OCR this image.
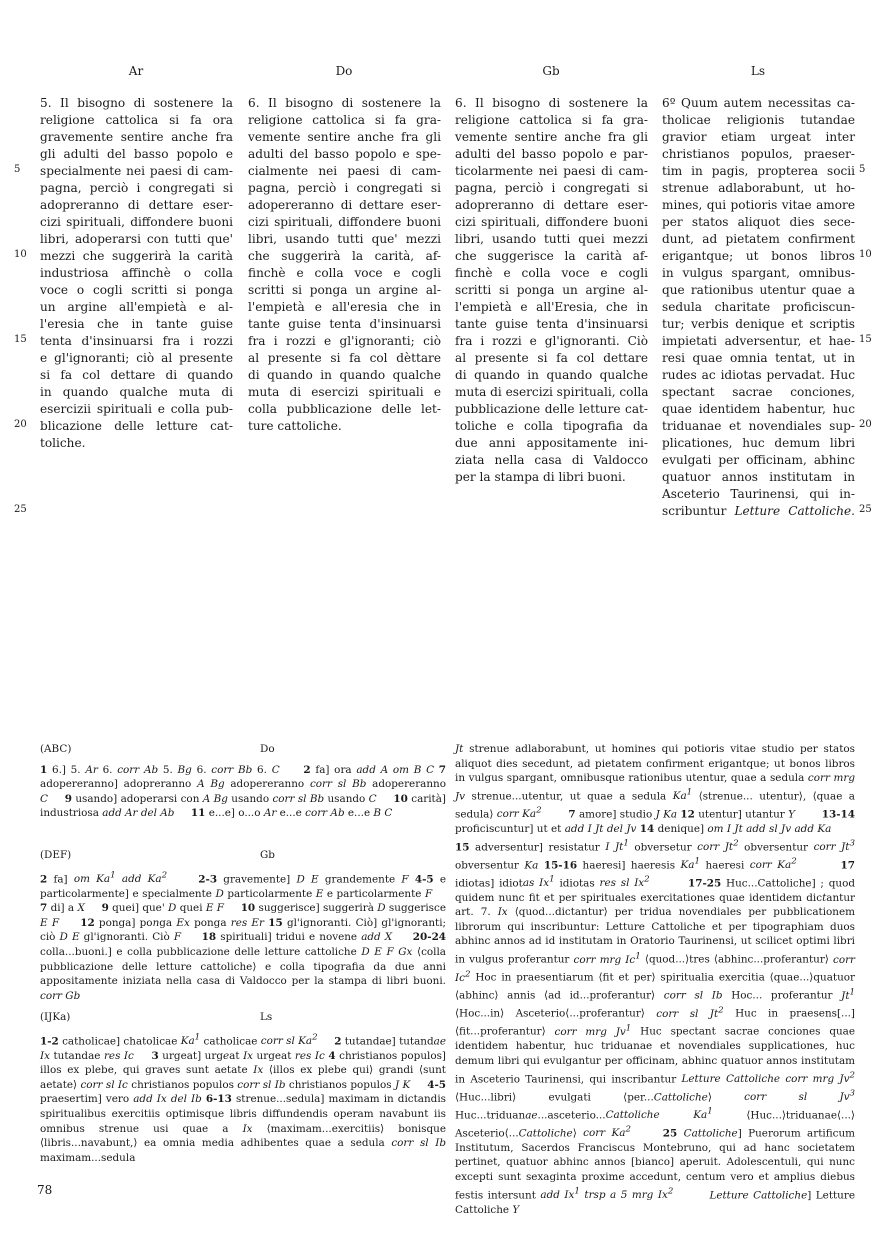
Ar	Do	Gb	Ls
5. Il bisogno di sostenere la
religione cattolica si fa ora
gravemente sentire anche fra
gli adulti del basso popolo e
specialmente nei paesi di cam-
pagna, perciò i congregati si
adopreranno di dettare eser-
cizi spirituali, diffondere buoni
libri, adoperarsi con tutti que'
mezzi che suggerirà la carità
industriosa affinchè o colla
voce o cogli scritti si ponga
un argine all'empietà e al-
l'eresia che in tante guise
tenta d'insinuarsi fra i rozzi
e gl'ignoranti; ciò al presente
si fa col dettare di quando
in quando qualche muta di
esercizii spirituali e colla pub-
blicazione delle letture cat-
toliche.
6. Il bisogno di sostenere la
religione cattolica si fa gra-
vemente sentire anche fra gli
adulti del basso popolo e spe-
cialmente nei paesi di cam-
pagna, perciò i congregati si
adopereranno di dettare eser-
cizi spirituali, diffondere buoni
libri, usando tutti que' mezzi
che suggerirà la carità, af-
finchè e colla voce e cogli
scritti si ponga un argine al-
l'empietà e all'eresia che in
tante guise tenta d'insinuarsi
fra i rozzi e gl'ignoranti; ciò
al presente si fa col dèttare
di quando in quando qualche
muta di esercizi spirituali e
colla pubblicazione delle let-
ture cattoliche.
6. Il bisogno di sostenere la
religione cattolica si fa gra-
vemente sentire anche fra gli
adulti del basso popolo e par-
ticolarmente nei paesi di cam-
pagna, perciò i congregati si
adopreranno di dettare eser-
cizi spirituali, diffondere buoni
libri, usando tutti quei mezzi
che suggerisce la carità af-
finchè e colla voce e cogli
scritti si ponga un argine al-
l'empietà e all'Eresia, che in
tante guise tenta d'insinuarsi
fra i rozzi e gl'ignoranti. Ciò
al presente si fa col dettare
di quando in quando qualche
muta di esercizi spirituali, colla
pubblicazione delle letture cat-
toliche e colla tipografia da
due anni appositamente ini-
ziata nella casa di Valdocco
per la stampa di libri buoni.
6º Quum autem necessitas ca-
tholicae religionis tutandae
gravior etiam urgeat inter
christianos populos, praeser-
tim in pagis, propterea socii
strenue adlaborabunt, ut ho-
mines, qui potioris vitae amore
per statos aliquot dies sece-
dunt, ad pietatem confirment
erigantque; ut bonos libros
in vulgus spargant, omnibus-
que rationibus utentur quae a
sedula charitate proficiscun-
tur; verbis denique et scriptis
impietati adversentur, et hae-
resi quae omnia tentat, ut in
rudes ac idiotas pervadat. Huc
spectant sacrae conciones,
quae identidem habentur, huc
triduanae et novendiales sup-
plicationes, huc demum libri
evulgati per officinam, abhinc
quatuor annos institutam in
Asceterio Taurinensi, qui in-
scribuntur Letture Cattoliche.
5
10
15
20
25
5
10
15
20
25
(ABC)	Do

1 6.] 5. Ar 6. corr Ab 5. Bg 6. corr Bb 6. C 2 fa] ora add A om B C 7 adopereranno] adopreranno A Bg adopereranno corr sl Bb adopereranno C 9 usando] adoperarsi con A Bg usando corr sl Bb usando C 10 carità] industriosa add Ar del Ab 11 e...e] o...o Ar e...e corr Ab e...e B C

(DEF)	Gb

2 fa] om Ka$^1$ add Ka$^2$	2-3 gravemente] D E grandemente F 4-5 e particolarmente] e specialmente D particolarmente E e particolarmente F     7 di] a X 9 quei] que' D quei E F 10 suggerisce] suggerirà D suggerisce E F 12 ponga] ponga Ex ponga res Er 15 gl'ignoranti. Ciò] gl'ignoranti; ciò D E gl'ignoranti. Ciò F 18 spirituali] tridui e novene add X 20-24 colla...buoni.] e colla pubblicazione delle letture cattoliche D E F Gx ⟨colla pubblicazione delle letture cattoliche⟩ e colla tipografia da due anni appositamente iniziata nella casa di Valdocco per la stampa di libri buoni. corr Gb

(IJKa)	Ls

1-2 catholicae] chatolicae Ka$^1$ catholicae corr sl Ka$^2$ 2 tutandae] tutandae Ix tutandae res Ic 3 urgeat] urgeat Ix urgeat res Ic 4 christianos populos] illos ex plebe, qui graves sunt aetate Ix ⟨illos ex plebe qui⟩ grandi ⟨sunt aetate⟩ corr sl Ic christianos populos corr sl Ib christianos populos J K 4-5 praesertim] vero add Ix del Ib 6-13 strenue...sedula] maximam in dictandis spiritualibus exercitiis optimisque libris diffundendis operam navabunt iis omnibus strenue usi quae a Ix ⟨maximam...exercitiis⟩ bonisque ⟨libris...navabunt,⟩ ea omnia media adhibentes quae a sedula corr sl Ib maximam...sedula

Jt strenue adlaborabunt, ut homines qui potioris vitae studio per statos aliquot dies secedunt, ad pietatem confirment erigantque; ut bonos libros in vulgus spargant, omnibusque rationibus utentur, quae a sedula corr mrg Jv strenue...utentur, ut quae a sedula Ka$^1$ ⟨strenue... utentur⟩, ⟨quae a sedula⟩ corr Ka$^2$	7 amore] studio J Ka 12 utentur] utantur Y	13-14 proficiscuntur] ut et add I Jt del Jv 14 denique] om I Jt add sl Jv add Ka        15 adversentur] resistatur I Jt$^1$ obversetur corr Jt$^2$ obversentur corr Jt$^3$ obversentur Ka 15-16 haeresi] haeresis Ka$^1$ haeresi corr Ka$^2$	17 idiotas] idiotas Ix$^1$ idiotas res sl Ix$^2$	17-25 Huc...Cattoliche] ; quod quidem nunc fit et per spirituales exercitationes quae identidem dictantur art. 7. Ix ⟨quod...dictantur⟩ per tridua novendiales per pubblicationem librorum qui inscribuntur: Letture Cattoliche et per tipographiam duos abhinc annos ad id institutam in Oratorio Taurinensi, ut scilicet optimi libri in vulgus proferantur corr mrg Ic$^1$ ⟨quod...⟩tres ⟨abhinc...proferantur⟩ corr Ic$^2$ Hoc in praesentiarum ⟨fit et per⟩ spiritualia exercitia ⟨quae...⟩quatuor ⟨abhinc⟩ annis ⟨ad id...proferantur⟩ corr sl Ib Hoc... proferantur Jt$^1$ ⟨Hoc...in⟩ Asceterio⟨...proferantur⟩ corr sl Jt$^2$ Huc in praesens[...]⟨fit...proferantur⟩ corr mrg Jv$^1$ Huc spectant sacrae conciones quae identidem habentur, huc triduanae et novendiales supplicationes, huc demum libri qui evulgantur per officinam, abhinc quatuor annos institutam in Asceterio Taurinensi, qui inscribantur Letture Cattoliche corr mrg Jv$^2$ ⟨Huc...libri⟩ evulgati ⟨per...Cattoliche⟩ corr sl Jv$^3$ Huc...triduanae...asceterio...Cattoliche Ka$^1$ ⟨Huc...⟩triduanae⟨...⟩Asceterio⟨...Cattoliche⟩ corr Ka$^2$	25 Cattoliche] Puerorum artificum Institutum, Sacerdos Franciscus Montebruno, qui ad hanc societatem pertinet, quatuor abhinc annos [bianco] aperuit. Adolescentuli, qui nunc excepti sunt sexaginta proxime accedunt, centum vero et amplius diebus festis intersunt add Ix$^1$ trsp a 5 mrg Ix$^2$	Letture Cattoliche] Letture Cattoliche Y

78
